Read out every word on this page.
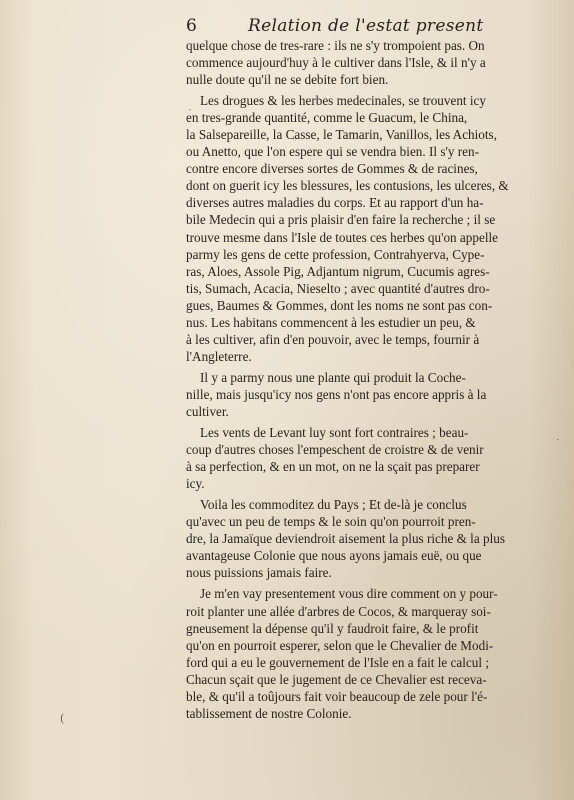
6	Relation de l'estat present
quelque chose de tres-rare : ils ne s'y trompoient pas. On
commence aujourd'huy à le cultiver dans l'Isle, & il n'y a
nulle doute qu'il ne se debite fort bien.
Les drogues & les herbes medecinales, se trouvent icy
en tres-grande quantité, comme le Guacum, le China,
la Salsepareille, la Casse, le Tamarin, Vanillos, les Achiots,
ou Anetto, que l'on espere qui se vendra bien. Il s'y ren-
contre encore diverses sortes de Gommes & de racines,
dont on guerit icy les blessures, les contusions, les ulceres, &
diverses autres maladies du corps. Et au rapport d'un ha-
bile Medecin qui a pris plaisir d'en faire la recherche ; il se
trouve mesme dans l'Isle de toutes ces herbes qu'on appelle
parmy les gens de cette profession, Contrahyerva, Cype-
ras, Aloes, Assole Pig, Adjantum nigrum, Cucumis agres-
tis, Sumach, Acacia, Nieselto ; avec quantité d'autres dro-
gues, Baumes & Gommes, dont les noms ne sont pas con-
nus. Les habitans commencent à les estudier un peu, &
à les cultiver, afin d'en pouvoir, avec le temps, fournir à
l'Angleterre.
Il y a parmy nous une plante qui produit la Coche-
nille, mais jusqu'icy nos gens n'ont pas encore appris à la
cultiver.
Les vents de Levant luy sont fort contraires ; beau-
coup d'autres choses l'empeschent de croistre & de venir
à sa perfection, & en un mot, on ne la sçait pas preparer
icy.
Voila les commoditez du Pays ; Et de-là je conclus
qu'avec un peu de temps & le soin qu'on pourroit pren-
dre, la Jamaïque deviendroit aisement la plus riche & la plus
avantageuse Colonie que nous ayons jamais euë, ou que
nous puissions jamais faire.
Je m'en vay presentement vous dire comment on y pour-
roit planter une allée d'arbres de Cocos, & marqueray soi-
gneusement la dépense qu'il y faudroit faire, & le profit
qu'on en pourroit esperer, selon que le Chevalier de Modi-
ford qui a eu le gouvernement de l'Isle en a fait le calcul ;
Chacun sçait que le jugement de ce Chevalier est receva-
ble, & qu'il a toûjours fait voir beaucoup de zele pour l'é-
tablissement de nostre Colonie.
ˎ
ˎ
(
